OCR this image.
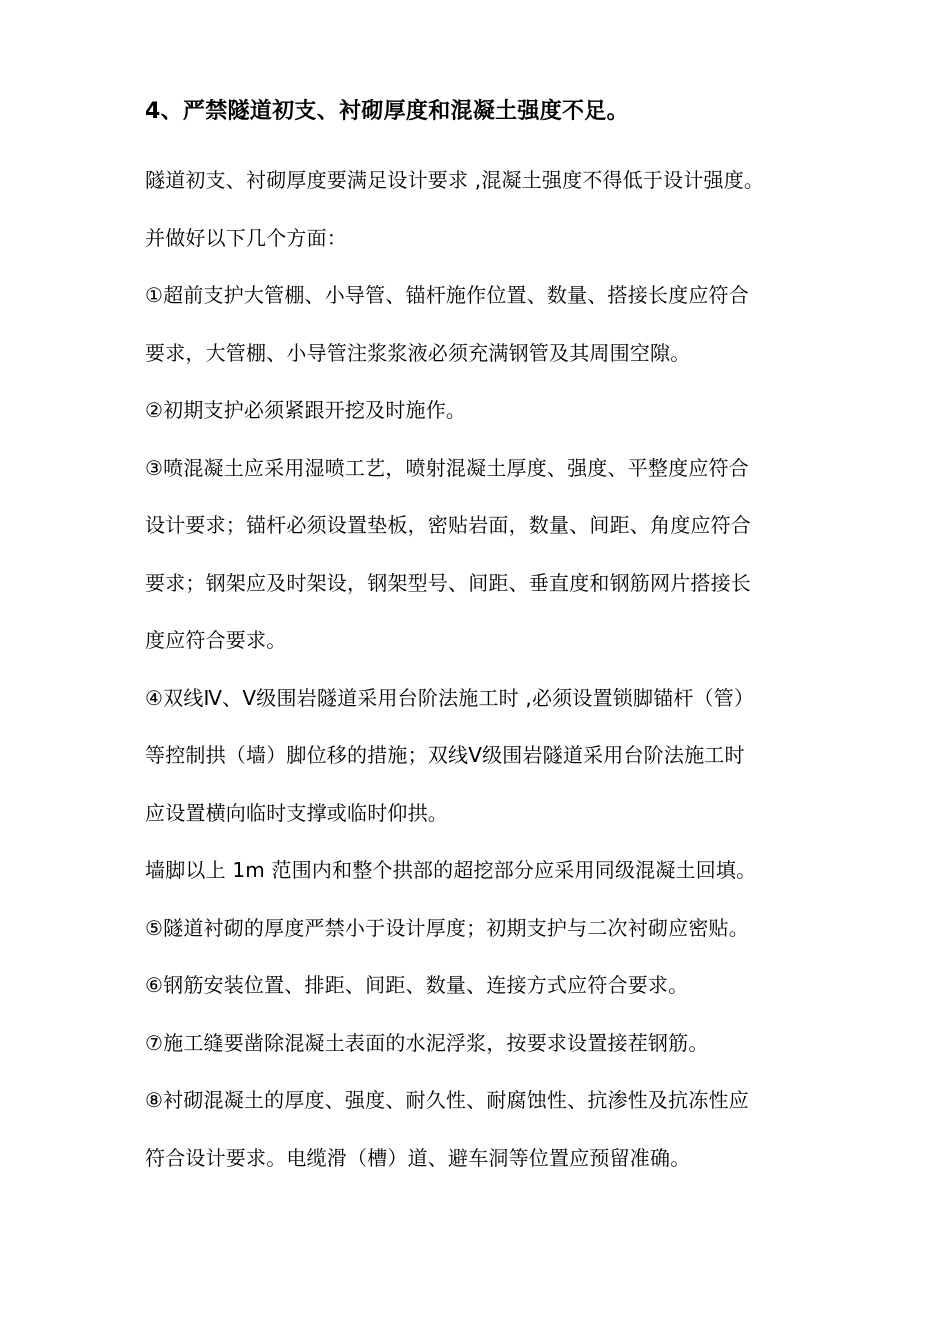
4、严禁隧道初支、衬砌厚度和混凝土强度不足。
隧道初支、衬砌厚度要满足设计要求 ,混凝土强度不得低于设计强度。
并做好以下几个方面：
①超前支护大管棚、小导管、锚杆施作位置、数量、搭接长度应符合
要求，大管棚、小导管注浆浆液必须充满钢管及其周围空隙。
②初期支护必须紧跟开挖及时施作。
③喷混凝土应采用湿喷工艺，喷射混凝土厚度、强度、平整度应符合
设计要求；锚杆必须设置垫板，密贴岩面，数量、间距、角度应符合
要求；钢架应及时架设，钢架型号、间距、垂直度和钢筋网片搭接长
度应符合要求。
④双线Ⅳ、Ⅴ级围岩隧道采用台阶法施工时 ,必须设置锁脚锚杆（管）
等控制拱（墙）脚位移的措施；双线Ⅴ级围岩隧道采用台阶法施工时
应设置横向临时支撑或临时仰拱。
墙脚以上 1m 范围内和整个拱部的超挖部分应采用同级混凝土回填。
⑤隧道衬砌的厚度严禁小于设计厚度；初期支护与二次衬砌应密贴。
⑥钢筋安装位置、排距、间距、数量、连接方式应符合要求。
⑦施工缝要凿除混凝土表面的水泥浮浆，按要求设置接茬钢筋。
⑧衬砌混凝土的厚度、强度、耐久性、耐腐蚀性、抗渗性及抗冻性应
符合设计要求。电缆滑（槽）道、避车洞等位置应预留准确。
